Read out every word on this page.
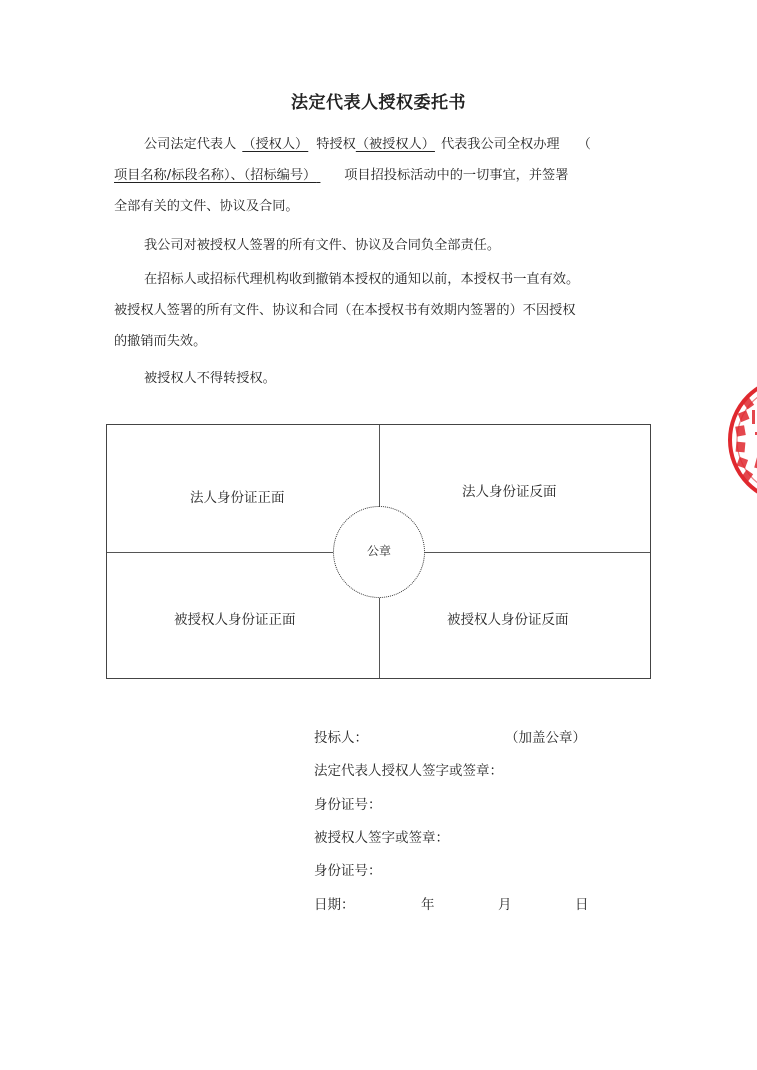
法定代表人授权委托书
公司法定代表人 （授权人） 特授权（被授权人） 代表我公司全权办理 （
项目名称/标段名称）、（招标编号） 项目招投标活动中的一切事宜，并签署
全部有关的文件、协议及合同。
我公司对被授权人签署的所有文件、协议及合同负全部责任。
在招标人或招标代理机构收到撤销本授权的通知以前，本授权书一直有效。
被授权人签署的所有文件、协议和合同（在本授权书有效期内签署的）不因授权
的撤销而失效。
被授权人不得转授权。
法人身份证正面	法人身份证反面
被授权人身份证正面	被授权人身份证反面
公章
投标人：	（加盖公章）
法定代表人授权人签字或签章：
身份证号：
被授权人签字或签章：
身份证号：
日期：	年	月	日
